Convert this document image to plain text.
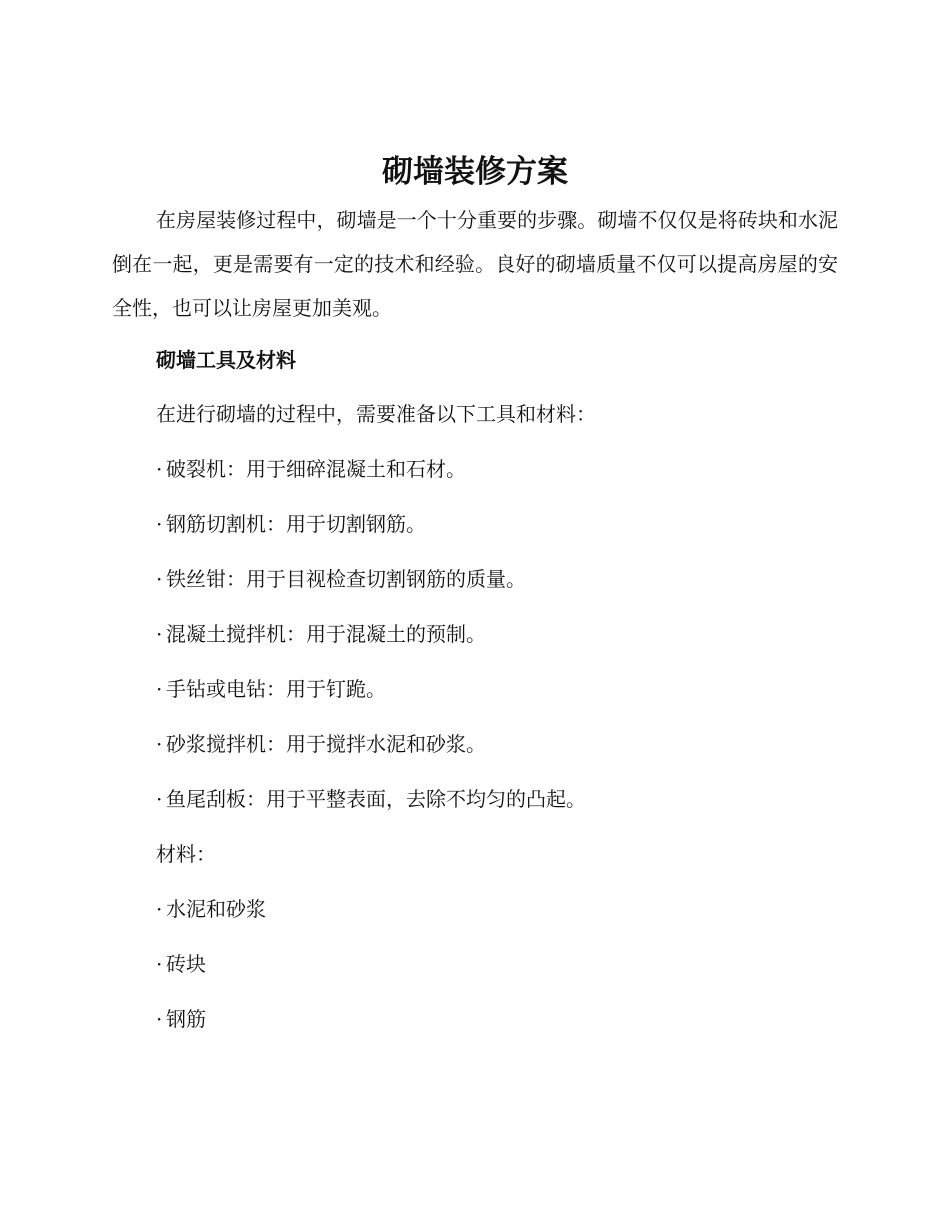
砌墙装修方案

在房屋装修过程中，砌墙是一个十分重要的步骤。砌墙不仅仅是将砖块和水泥倒在一起，更是需要有一定的技术和经验。良好的砌墙质量不仅可以提高房屋的安全性，也可以让房屋更加美观。

砌墙工具及材料

在进行砌墙的过程中，需要准备以下工具和材料：

· 破裂机：用于细碎混凝土和石材。

· 钢筋切割机：用于切割钢筋。

· 铁丝钳：用于目视检查切割钢筋的质量。

· 混凝土搅拌机：用于混凝土的预制。

· 手钻或电钻：用于钉跪。

· 砂浆搅拌机：用于搅拌水泥和砂浆。

· 鱼尾刮板：用于平整表面，去除不均匀的凸起。

材料：

· 水泥和砂浆

· 砖块

· 钢筋
